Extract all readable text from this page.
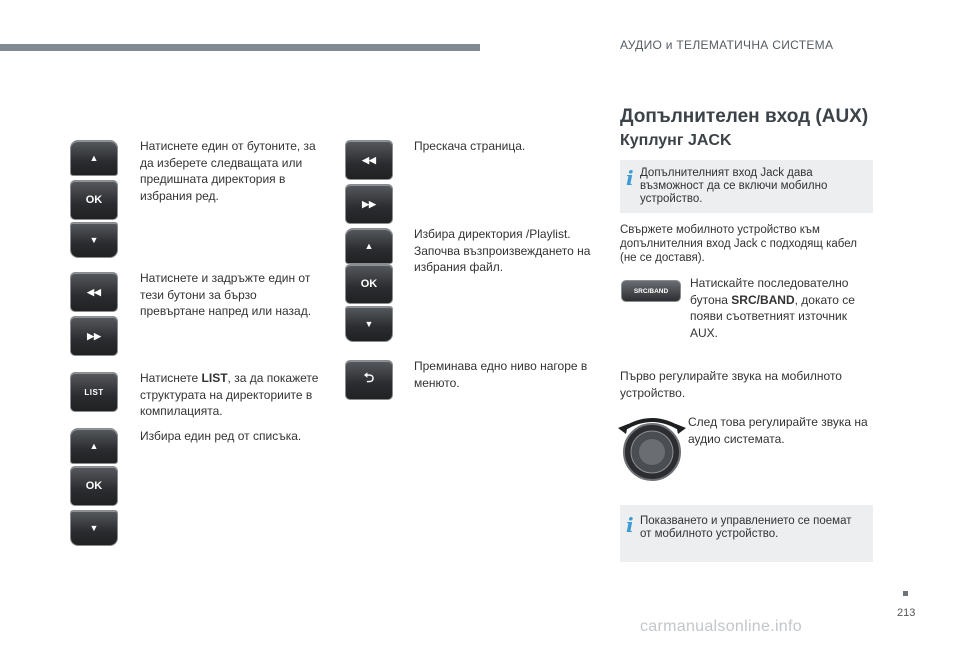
АУДИО и ТЕЛЕМАТИЧНА СИСТЕМА
▲
OK
▼
◀◀
▶▶
LIST
▲
OK
▼
Натиснете един от бутоните, за да изберете следващата или предишната директория в избрания ред.
Натиснете и задръжте един от тези бутони за бързо превъртане напред или назад.
Натиснете LIST, за да покажете структурата на директориите в компилацията.
Избира един ред от списъка.
◀◀
▶▶
▲
OK
▼
⮌
Прескача страница.
Избира директория /Playlist. Започва възпроизвеждането на избрания файл.
Преминава едно ниво нагоре в менюто.
Допълнителен вход (AUX)
Куплунг JACK
i Допълнителният вход Jack дава възможност да се включи мобилно устройство.
Свържете мобилното устройство към допълнителния вход Jack с подходящ кабел (не се доставя).
SRC/BAND
Натискайте последователно бутона SRC/BAND, докато се появи съответният източник AUX.
Първо регулирайте звука на мобилното устройство.
След това регулирайте звука на аудио системата.
i Показването и управлението се поемат от мобилното устройство.
213
carmanualsonline.info
